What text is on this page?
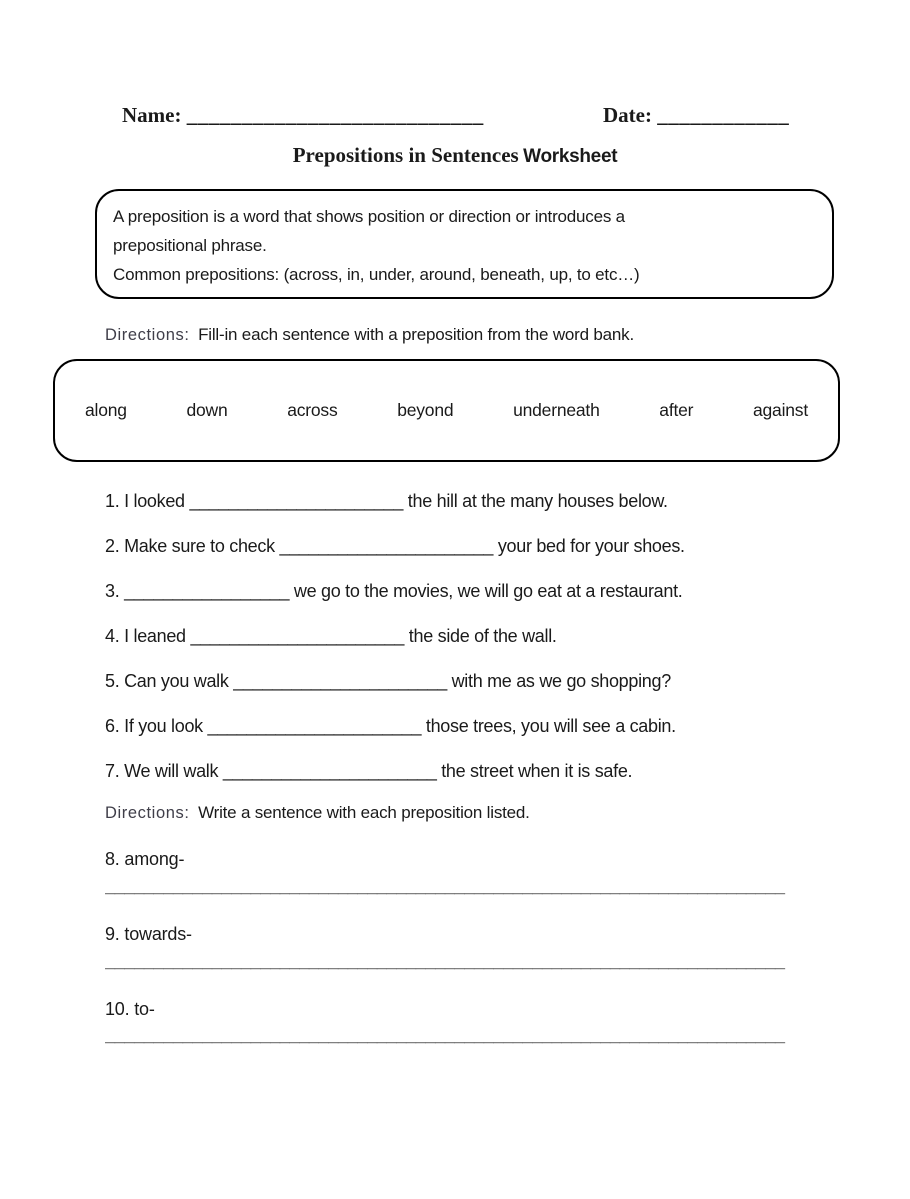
Name: ___________________________	Date: ____________
Prepositions in Sentences Worksheet
A preposition is a word that shows position or direction or introduces a
prepositional phrase.
Common prepositions: (across, in, under, around, beneath, up, to etc…)
Directions: Fill-in each sentence with a preposition from the word bank.
along	down	across	beyond	underneath	after	against
1. I looked ______________________ the hill at the many houses below.
2. Make sure to check ______________________ your bed for your shoes.
3. _________________ we go to the movies, we will go eat at a restaurant.
4. I leaned ______________________ the side of the wall.
5. Can you walk ______________________ with me as we go shopping?
6. If you look ______________________ those trees, you will see a cabin.
7. We will walk ______________________ the street when it is safe.
Directions: Write a sentence with each preposition listed.
8. among-
______________________________________________________________________
9. towards-
______________________________________________________________________
10. to-
______________________________________________________________________
